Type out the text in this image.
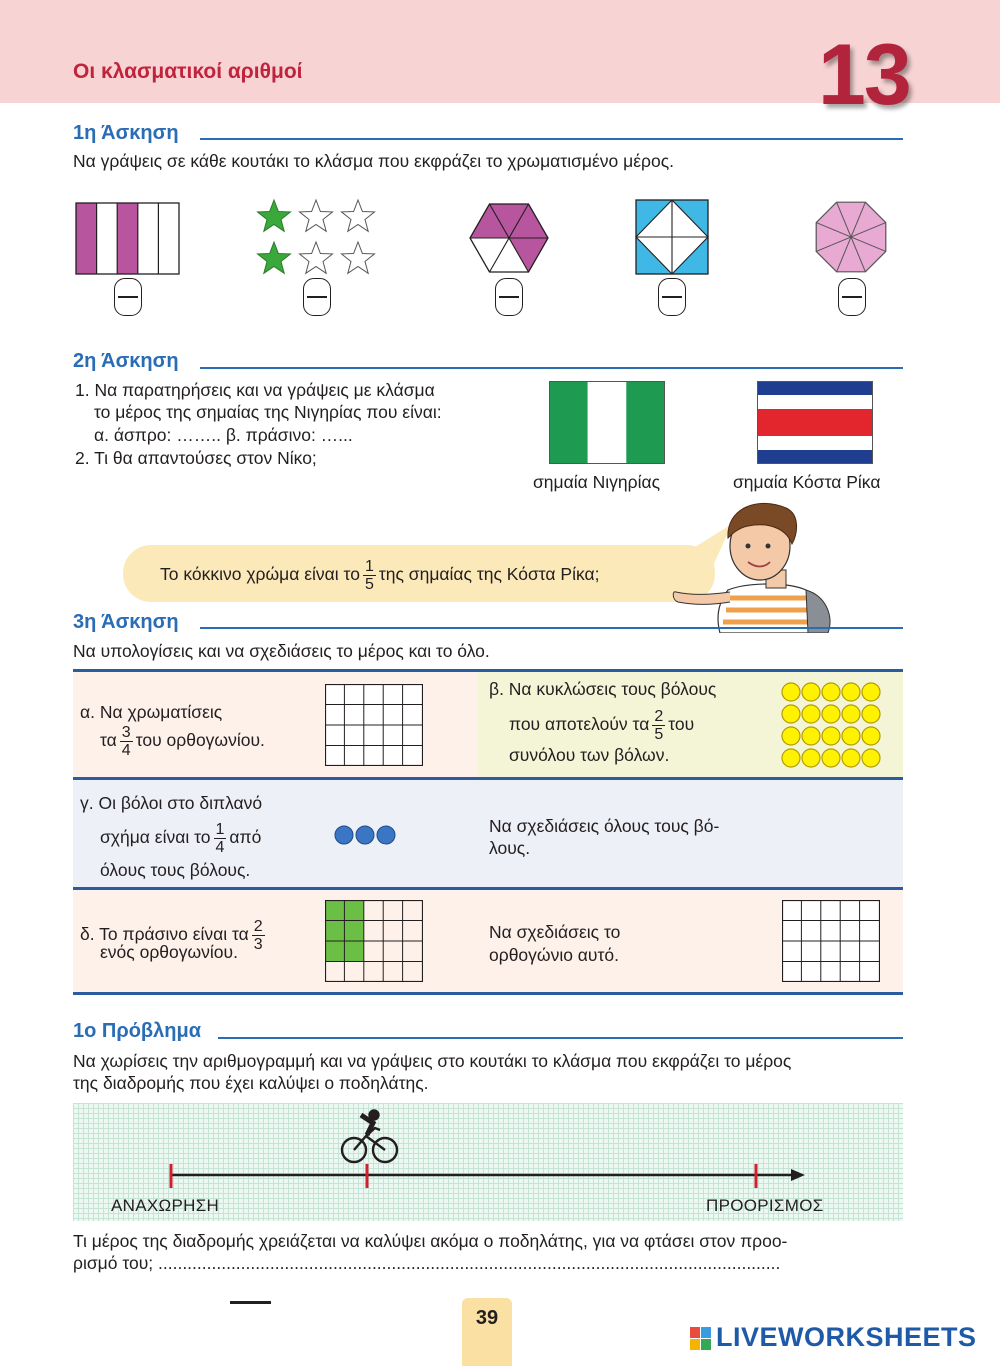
Οι κλασματικοί αριθμοί	13
1η Άσκηση
Να γράψεις σε κάθε κουτάκι το κλάσμα που εκφράζει το χρωματισμένο μέρος.
2η Άσκηση
1. Να παρατηρήσεις και να γράψεις με κλάσμα
το μέρος της σημαίας της Νιγηρίας που είναι:
α. άσπρο: …….. β. πράσινο: …...
2. Τι θα απαντούσες στον Νίκο;
σημαία Νιγηρίας	σημαία Κόστα Ρίκα
Το κόκκινο χρώμα είναι το $\frac{1}{5}$ της σημαίας της Κόστα Ρίκα;
3η Άσκηση
Να υπολογίσεις και να σχεδιάσεις το μέρος και το όλο.
α. Να χρωματίσεις
τα $\frac{3}{4}$ του ορθογωνίου.
β. Να κυκλώσεις τους βόλους
που αποτελούν τα $\frac{2}{5}$ του
συνόλου των βόλων.
γ. Οι βόλοι στο διπλανό
σχήμα είναι το $\frac{1}{4}$ από
όλους τους βόλους.
Να σχεδιάσεις όλους τους βό-
λους.
δ. Το πράσινο είναι τα $\frac{2}{3}$
ενός ορθογωνίου.
Να σχεδιάσεις το
ορθογώνιο αυτό.
1ο Πρόβλημα
Να χωρίσεις την αριθμογραμμή και να γράψεις στο κουτάκι το κλάσμα που εκφράζει το μέρος
της διαδρομής που έχει καλύψει ο ποδηλάτης.
ΑΝΑΧΩΡΗΣΗ	ΠΡΟΟΡΙΣΜΟΣ
Τι μέρος της διαδρομής χρειάζεται να καλύψει ακόμα ο ποδηλάτης, για να φτάσει στον προο-
ρισμό του; ................................................................................................................................
39
LIVEWORKSHEETS
